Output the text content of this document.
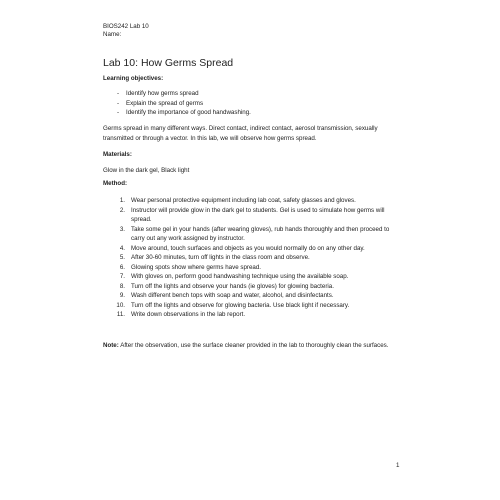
BIOS242 Lab 10
Name:
Lab 10: How Germs Spread
Learning objectives:
- Identify how germs spread
- Explain the spread of germs
- Identify the importance of good handwashing.
Germs spread in many different ways. Direct contact, indirect contact, aerosol transmission, sexually transmitted or through a vector. In this lab, we will observe how germs spread.
Materials:
Glow in the dark gel, Black light
Method:
1. Wear personal protective equipment including lab coat, safety glasses and gloves.
2. Instructor will provide glow in the dark gel to students. Gel is used to simulate how germs will spread.
3. Take some gel in your hands (after wearing gloves), rub hands thoroughly and then proceed to carry out any work assigned by instructor.
4. Move around, touch surfaces and objects as you would normally do on any other day.
5. After 30-60 minutes, turn off lights in the class room and observe.
6. Glowing spots show where germs have spread.
7. With gloves on, perform good handwashing technique using the available soap.
8. Turn off the lights and observe your hands (ie gloves) for glowing bacteria.
9. Wash different bench tops with soap and water, alcohol, and disinfectants.
10. Turn off the lights and observe for glowing bacteria. Use black light if necessary.
11. Write down observations in the lab report.
Note: After the observation, use the surface cleaner provided in the lab to thoroughly clean the surfaces.
1
